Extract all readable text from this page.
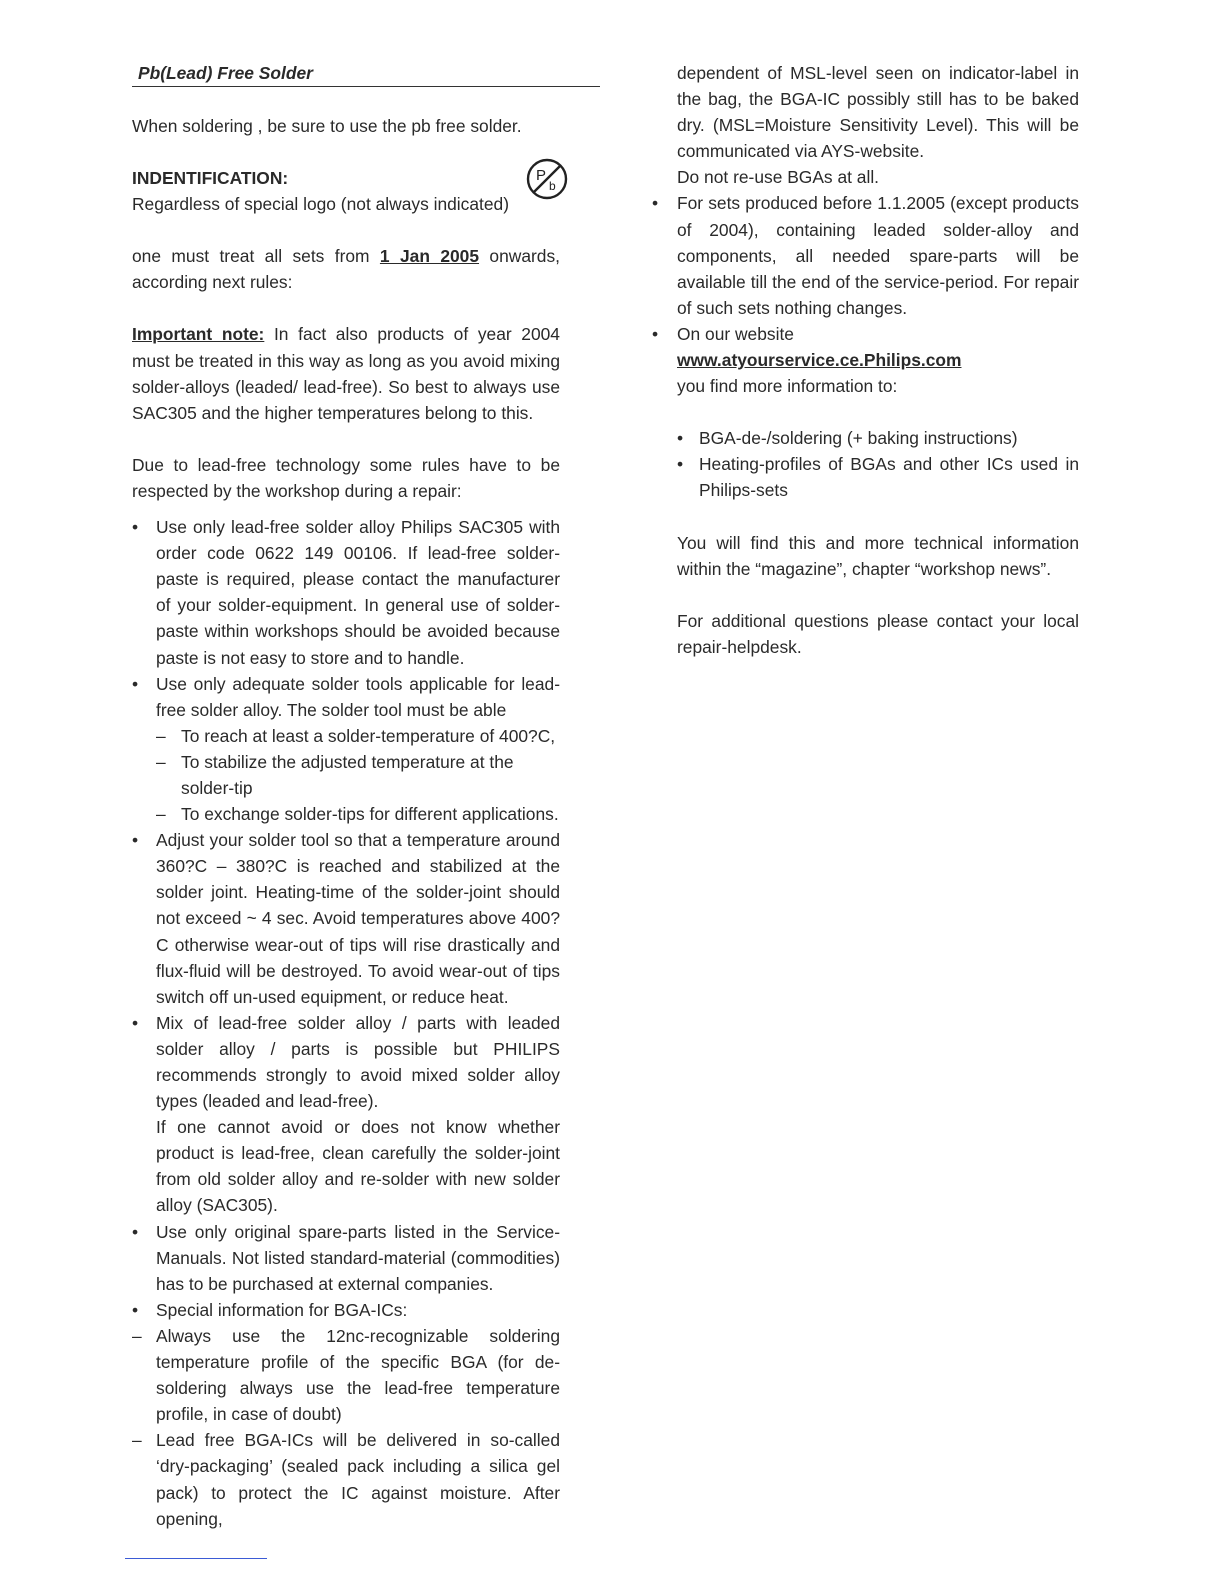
Pb(Lead) Free Solder

When soldering , be sure to use the pb free solder.

INDENTIFICATION:

Regardless of special logo (not always indicated)

P
b

one must treat all sets from 1 Jan 2005 onwards, according next rules:

Important note: In fact also products of year 2004 must be treated in this way as long as you avoid mixing solder-alloys (leaded/ lead-free). So best to always use SAC305 and the higher temperatures belong to this.

Due to lead-free technology some rules have to be respected by the workshop during a repair:

• Use only lead-free solder alloy Philips SAC305 with order code 0622 149 00106. If lead-free solder-paste is required, please contact the manufacturer of your solder-equipment. In general use of solder-paste within workshops should be avoided because paste is not easy to store and to handle.
• Use only adequate solder tools applicable for lead-free solder alloy. The solder tool must be able
– To reach at least a solder-temperature of 400?C,
– To stabilize the adjusted temperature at the solder-tip
– To exchange solder-tips for different applications.
• Adjust your solder tool so that a temperature around 360?C – 380?C is reached and stabilized at the solder joint. Heating-time of the solder-joint should not exceed ~ 4 sec. Avoid temperatures above 400?C otherwise wear-out of tips will rise drastically and flux-fluid will be destroyed. To avoid wear-out of tips switch off un-used equipment, or reduce heat.
• Mix of lead-free solder alloy / parts with leaded solder alloy / parts is possible but PHILIPS recommends strongly to avoid mixed solder alloy types (leaded and lead-free).
If one cannot avoid or does not know whether product is lead-free, clean carefully the solder-joint from old solder alloy and re-solder with new solder alloy (SAC305).
• Use only original spare-parts listed in the Service-Manuals. Not listed standard-material (commodities) has to be purchased at external companies.
• Special information for BGA-ICs:
– Always use the 12nc-recognizable soldering temperature profile of the specific BGA (for de-soldering always use the lead-free temperature profile, in case of doubt)
– Lead free BGA-ICs will be delivered in so-called ‘dry-packaging’ (sealed pack including a silica gel pack) to protect the IC against moisture. After opening,

dependent of MSL-level seen on indicator-label in the bag, the BGA-IC possibly still has to be baked dry. (MSL=Moisture Sensitivity Level). This will be communicated via AYS-website.

Do not re-use BGAs at all.

• For sets produced before 1.1.2005 (except products of 2004), containing leaded solder-alloy and components, all needed spare-parts will be available till the end of the service-period. For repair of such sets nothing changes.
• On our website www.atyourservice.ce.Philips.com
you find more information to:
• BGA-de-/soldering (+ baking instructions)
• Heating-profiles of BGAs and other ICs used in Philips-sets

You will find this and more technical information within the “magazine”, chapter “workshop news”.

For additional questions please contact your local repair-helpdesk.
